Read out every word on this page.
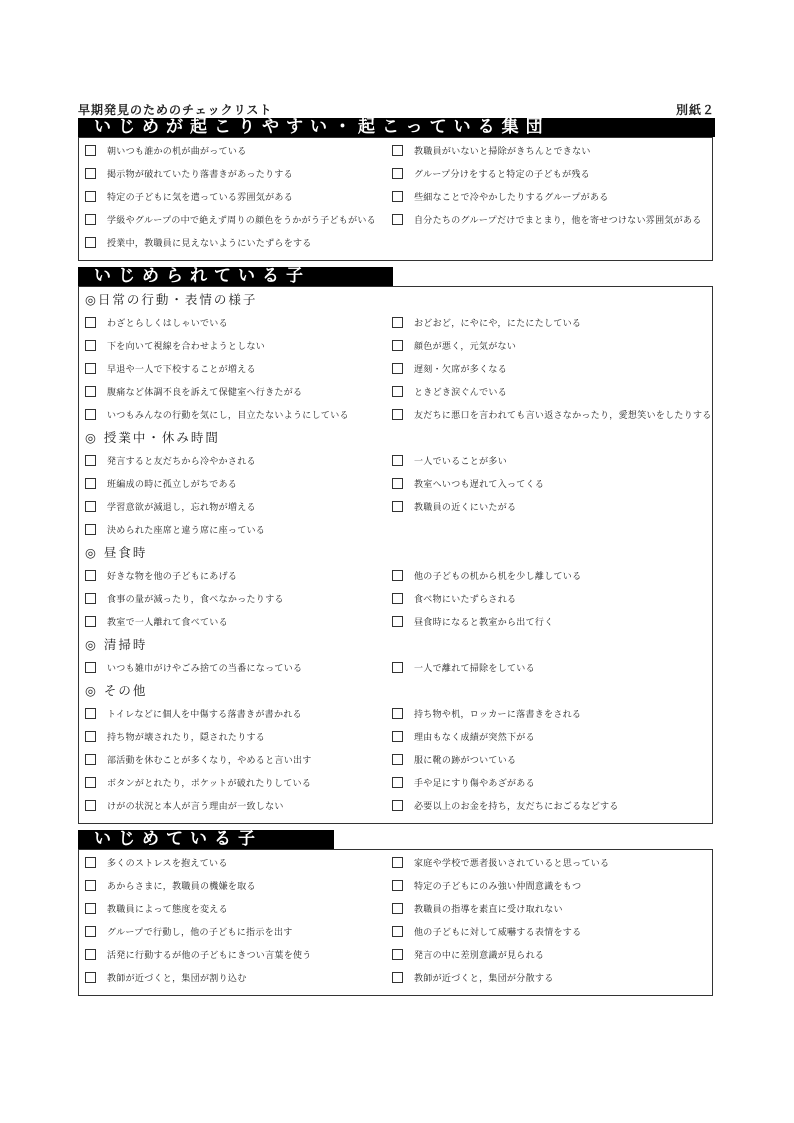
早期発見のためのチェックリスト	別紙２
いじめが起こりやすい・起こっている集団
朝いつも誰かの机が曲がっている	教職員がいないと掃除がきちんとできない
掲示物が破れていたり落書きがあったりする	グループ分けをすると特定の子どもが残る
特定の子どもに気を遣っている雰囲気がある	些細なことで冷やかしたりするグループがある
学級やグループの中で絶えず周りの顔色をうかがう子どもがいる	自分たちのグループだけでまとまり，他を寄せつけない雰囲気がある
授業中，教職員に見えないようにいたずらをする
いじめられている子
◎日常の行動・表情の様子
わざとらしくはしゃいでいる	おどおど，にやにや，にたにたしている
下を向いて視線を合わせようとしない	顔色が悪く，元気がない
早退や一人で下校することが増える	遅刻・欠席が多くなる
腹痛など体調不良を訴えて保健室へ行きたがる	ときどき涙ぐんでいる
いつもみんなの行動を気にし，目立たないようにしている	友だちに悪口を言われても言い返さなかったり，愛想笑いをしたりする
◎ 授業中・休み時間
発言すると友だちから冷やかされる	一人でいることが多い
班編成の時に孤立しがちである	教室へいつも遅れて入ってくる
学習意欲が減退し，忘れ物が増える	教職員の近くにいたがる
決められた座席と違う席に座っている
◎ 昼食時
好きな物を他の子どもにあげる	他の子どもの机から机を少し離している
食事の量が減ったり，食べなかったりする	食べ物にいたずらされる
教室で一人離れて食べている	昼食時になると教室から出て行く
◎ 清掃時
いつも雑巾がけやごみ捨ての当番になっている	一人で離れて掃除をしている
◎ その他
トイレなどに個人を中傷する落書きが書かれる	持ち物や机，ロッカーに落書きをされる
持ち物が壊されたり，隠されたりする	理由もなく成績が突然下がる
部活動を休むことが多くなり，やめると言い出す	服に靴の跡がついている
ボタンがとれたり，ポケットが破れたりしている	手や足にすり傷やあざがある
けがの状況と本人が言う理由が一致しない	必要以上のお金を持ち，友だちにおごるなどする
いじめている子
多くのストレスを抱えている	家庭や学校で悪者扱いされていると思っている
あからさまに，教職員の機嫌を取る	特定の子どもにのみ強い仲間意識をもつ
教職員によって態度を変える	教職員の指導を素直に受け取れない
グループで行動し，他の子どもに指示を出す	他の子どもに対して威嚇する表情をする
活発に行動するが他の子どもにきつい言葉を使う	発言の中に差別意識が見られる
教師が近づくと，集団が割り込む	教師が近づくと，集団が分散する
